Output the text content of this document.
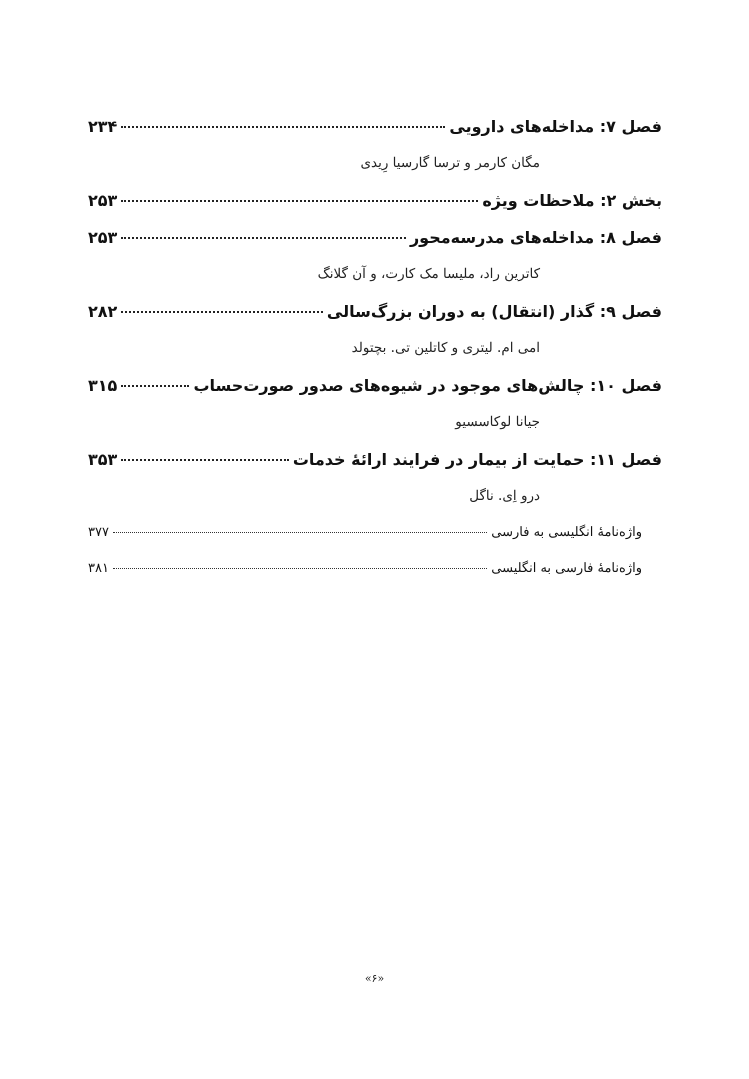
فصل ۷: مداخله‌های دارویی
۲۳۴
مگان کارمر و ترسا گارسیا رِیدی
بخش ۲: ملاحظات ویژه
۲۵۳
فصل ۸: مداخله‌های مدرسه‌محور
۲۵۳
کاترین راد، ملیسا مک کارت، و آن گلانگ
فصل ۹: گذار (انتقال) به دوران بزرگ‌سالی
۲۸۲
امی ام. لیتری و کاتلین تی. بچتولد
فصل ۱۰: چالش‌های موجود در شیوه‌های صدور صورت‌حساب
۳۱۵
جیانا لوکاسسیو
فصل ۱۱: حمایت از بیمار در فرایند ارائهٔ خدمات
۳۵۳
درو اِی. ناگل
واژه‌نامهٔ انگلیسی به فارسی
۳۷۷
واژه‌نامهٔ فارسی به انگلیسی
۳۸۱
«۶»
